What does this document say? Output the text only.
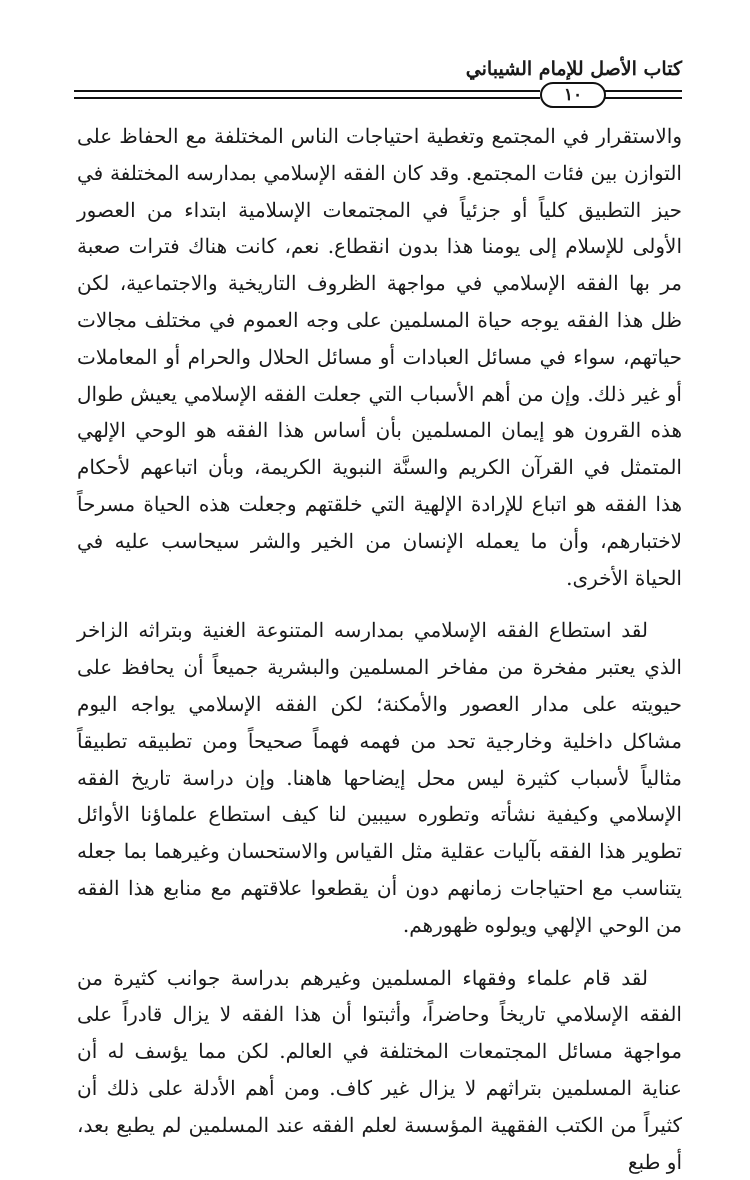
كتاب الأصل للإمام الشيباني
١٠

والاستقرار في المجتمع وتغطية احتياجات الناس المختلفة مع الحفاظ على التوازن بين فئات المجتمع. وقد كان الفقه الإسلامي بمدارسه المختلفة في حيز التطبيق كلياً أو جزئياً في المجتمعات الإسلامية ابتداء من العصور الأولى للإسلام إلى يومنا هذا بدون انقطاع. نعم، كانت هناك فترات صعبة مر بها الفقه الإسلامي في مواجهة الظروف التاريخية والاجتماعية، لكن ظل هذا الفقه يوجه حياة المسلمين على وجه العموم في مختلف مجالات حياتهم، سواء في مسائل العبادات أو مسائل الحلال والحرام أو المعاملات أو غير ذلك. وإن من أهم الأسباب التي جعلت الفقه الإسلامي يعيش طوال هذه القرون هو إيمان المسلمين بأن أساس هذا الفقه هو الوحي الإلهي المتمثل في القرآن الكريم والسنَّة النبوية الكريمة، وبأن اتباعهم لأحكام هذا الفقه هو اتباع للإرادة الإلهية التي خلقتهم وجعلت هذه الحياة مسرحاً لاختبارهم، وأن ما يعمله الإنسان من الخير والشر سيحاسب عليه في الحياة الأخرى.

لقد استطاع الفقه الإسلامي بمدارسه المتنوعة الغنية وبتراثه الزاخر الذي يعتبر مفخرة من مفاخر المسلمين والبشرية جميعاً أن يحافظ على حيويته على مدار العصور والأمكنة؛ لكن الفقه الإسلامي يواجه اليوم مشاكل داخلية وخارجية تحد من فهمه فهماً صحيحاً ومن تطبيقه تطبيقاً مثالياً لأسباب كثيرة ليس محل إيضاحها هاهنا. وإن دراسة تاريخ الفقه الإسلامي وكيفية نشأته وتطوره سيبين لنا كيف استطاع علماؤنا الأوائل تطوير هذا الفقه بآليات عقلية مثل القياس والاستحسان وغيرهما بما جعله يتناسب مع احتياجات زمانهم دون أن يقطعوا علاقتهم مع منابع هذا الفقه من الوحي الإلهي ويولوه ظهورهم.

لقد قام علماء وفقهاء المسلمين وغيرهم بدراسة جوانب كثيرة من الفقه الإسلامي تاريخاً وحاضراً، وأثبتوا أن هذا الفقه لا يزال قادراً على مواجهة مسائل المجتمعات المختلفة في العالم. لكن مما يؤسف له أن عناية المسلمين بتراثهم لا يزال غير كاف. ومن أهم الأدلة على ذلك أن كثيراً من الكتب الفقهية المؤسسة لعلم الفقه عند المسلمين لم يطبع بعد، أو طبع
